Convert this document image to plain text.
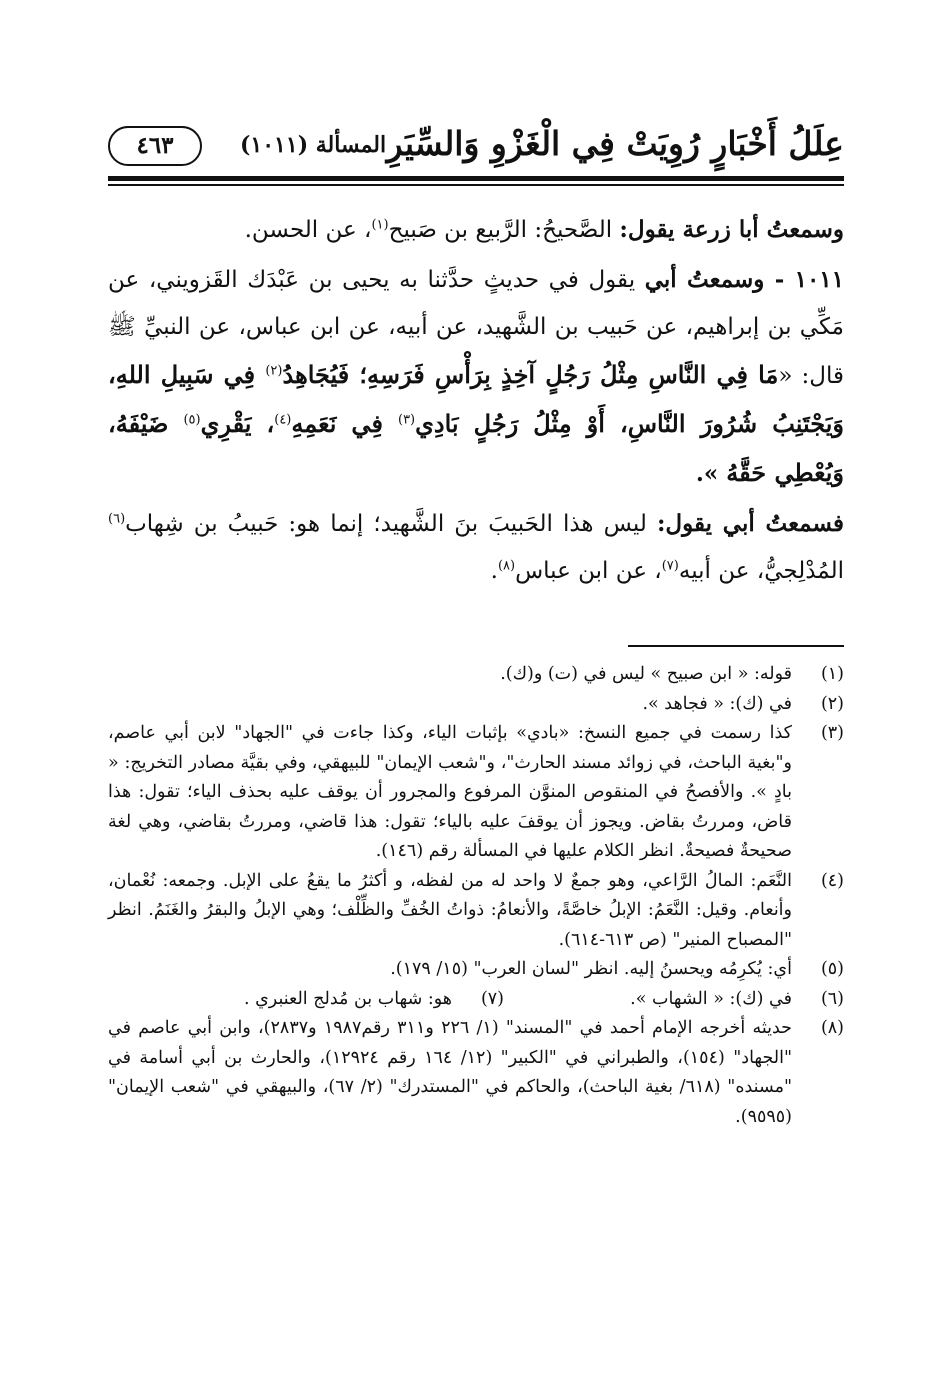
عِلَلُ أَخْبَارٍ رُوِيَتْ فِي الْغَزْوِ وَالسِّيَرِ
المسألة (١٠١١)
٤٦٣

وسمعتُ أبا زرعة يقول: الصَّحيحُ: الرَّبيع بن صَبيح$^{(١)}$، عن الحسن.

١٠١١ - وسمعتُ أبي يقول في حديثٍ حدَّثنا به يحيى بن عَبْدَك القَزويني، عن مَكِّي بن إبراهيم، عن حَبيب بن الشَّهيد، عن أبيه، عن ابن عباس، عن النبيِّ ﷺ قال: «مَا فِي النَّاسِ مِثْلُ رَجُلٍ آخِذٍ بِرَأْسِ فَرَسِهِ؛ فَيُجَاهِدُ$^{(٢)}$ فِي سَبِيلِ اللهِ، وَيَجْتَنِبُ شُرُورَ النَّاسِ، أَوْ مِثْلُ رَجُلٍ بَادِي$^{(٣)}$ فِي نَعَمِهِ$^{(٤)}$، يَقْرِي$^{(٥)}$ ضَيْفَهُ، وَيُعْطِي حَقَّهُ ».

فسمعتُ أبي يقول: ليس هذا الحَبيبَ بنَ الشَّهيد؛ إنما هو: حَبيبُ بن شِهاب$^{(٦)}$ المُدْلِجيُّ، عن أبيه$^{(٧)}$، عن ابن عباس$^{(٨)}$.

(١)
قوله: « ابن صبيح » ليس في (ت) و(ك).
(٢)
في (ك): « فجاهد ».
(٣)
كذا رسمت في جميع النسخ: «بادي» بإثبات الياء، وكذا جاءت في "الجهاد" لابن أبي عاصم، و"بغية الباحث، في زوائد مسند الحارث"، و"شعب الإيمان" للبيهقي، وفي بقيَّة مصادر التخريج: « بادٍ ». والأفصحُ في المنقوص المنوَّن المرفوع والمجرور أن يوقف عليه بحذف الياء؛ تقول: هذا قاض، ومررتُ بقاض. ويجوز أن يوقفَ عليه بالياء؛ تقول: هذا قاضي، ومررتُ بقاضي، وهي لغة صحيحةٌ فصيحةٌ. انظر الكلام عليها في المسألة رقم (١٤٦).
(٤)
النَّعَم: المالُ الرَّاعي، وهو جمعٌ لا واحد له من لفظه، و أكثرُ ما يقعُ على الإبل. وجمعه: نُعْمان، وأنعام. وقيل: النَّعَمُ: الإبلُ خاصَّةً، والأنعامُ: ذواتُ الخُفِّ والظِّلْف؛ وهي الإبلُ والبقرُ والغَنَمُ. انظر "المصباح المنير" (ص ٦١٣-٦١٤).
(٥)
أي: يُكرِمُه ويحسنُ إليه. انظر "لسان العرب" (١٥/ ١٧٩).
(٦)
في (ك): « الشهاب ».
(٧)
هو: شهاب بن مُدلج العنبري .
(٨)
حديثه أخرجه الإمام أحمد في "المسند" (١/ ٢٢٦ و٣١١ رقم١٩٨٧ و٢٨٣٧)، وابن أبي عاصم في "الجهاد" (١٥٤)، والطبراني في "الكبير" (١٢/ ١٦٤ رقم ١٢٩٢٤)، والحارث بن أبي أسامة في "مسنده" (٦١٨/ بغية الباحث)، والحاكم في "المستدرك" (٢/ ٦٧)، والبيهقي في "شعب الإيمان" (٩٥٩٥).
